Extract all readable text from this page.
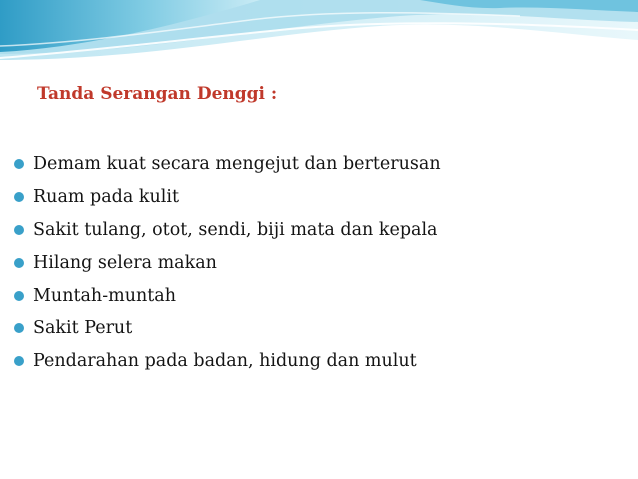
Tanda Serangan Denggi :
Demam kuat secara mengejut dan berterusan
Ruam pada kulit
Sakit tulang, otot, sendi, biji mata dan kepala
Hilang selera makan
Muntah-muntah
Sakit Perut
Pendarahan pada badan, hidung dan mulut
